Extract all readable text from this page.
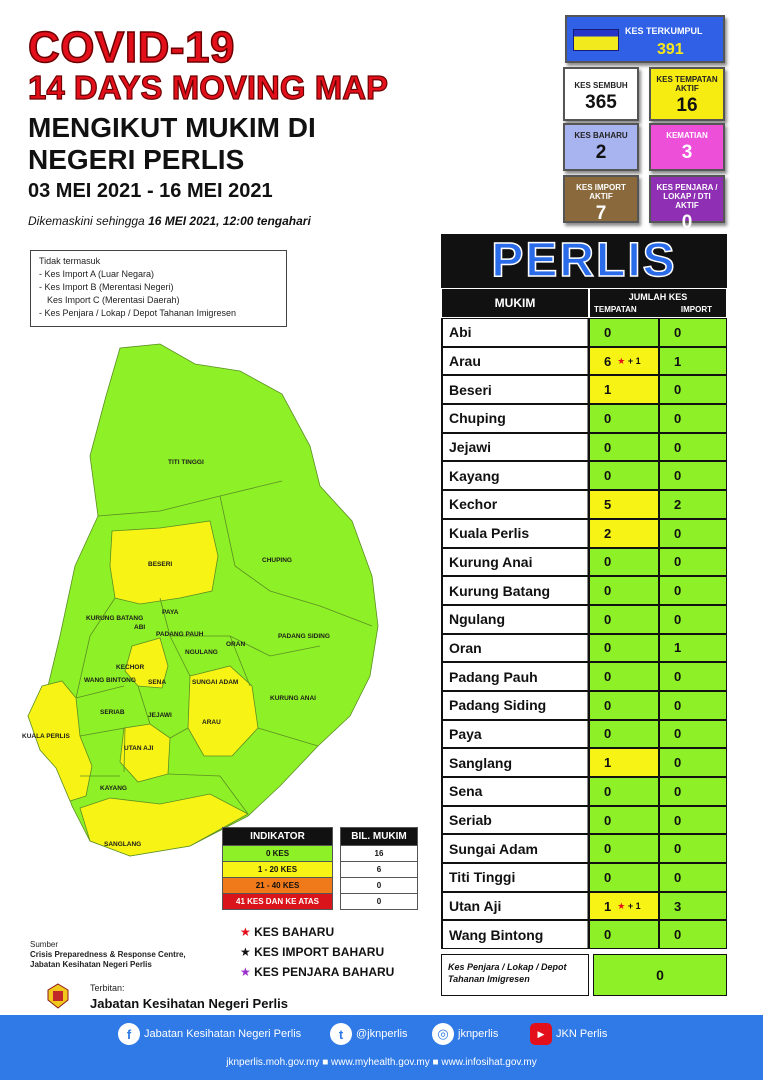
COVID-19
14 DAYS MOVING MAP
MENGIKUT MUKIM DI NEGERI PERLIS
03 MEI 2021 - 16 MEI 2021
Dikemaskini sehingga 16 MEI 2021, 12:00 tengahari
Tidak termasuk
- Kes Import A (Luar Negara)
- Kes Import B (Merentasi Negeri)
Kes Import C (Merentasi Daerah)
- Kes Penjara / Lokap / Depot Tahanan Imigresen
KES TERKUMPUL
391
KES SEMBUH
365
KES TEMPATAN AKTIF
16
KES BAHARU
2
KEMATIAN
3
KES IMPORT AKTIF
7
KES PENJARA / LOKAP / DTI AKTIF
0
TITI TINGGI
BESERI
CHUPING
KURUNG BATANG
PAYA
ABI
PADANG PAUH
NGULANG
ORAN
PADANG SIDING
KECHOR
SENA
WANG BINTONG	SUNGAI ADAM
KURUNG ANAI
SERIAB	JEJAWI
ARAU
KUALA PERLIS
UTAN AJI
KAYANG
SANGLANG
INDIKATOR		BIL. MUKIM
0 KES		16
1 - 20 KES		6
21 - 40 KES		0
41 KES DAN KE ATAS		0
★ KES BAHARU
★ KES IMPORT BAHARU
★ KES PENJARA BAHARU
Sumber
Crisis Preparedness & Response Centre,
Jabatan Kesihatan Negeri Perlis
Terbitan:
Jabatan Kesihatan Negeri Perlis
PERLIS
MUKIM	JUMLAH KES
TEMPATAN	IMPORT
Abi	0	0
Arau	6 ★ + 1	1
Beseri	1	0
Chuping	0	0
Jejawi	0	0
Kayang	0	0
Kechor	5	2
Kuala Perlis	2	0
Kurung Anai	0	0
Kurung Batang	0	0
Ngulang	0	0
Oran	0	1
Padang Pauh	0	0
Padang Siding	0	0
Paya	0	0
Sanglang	1	0
Sena	0	0
Seriab	0	0
Sungai Adam	0	0
Titi Tinggi	0	0
Utan Aji	1 ★ + 1	3
Wang Bintong	0	0
Kes Penjara / Lokap / Depot Tahanan Imigresen	0
f	Jabatan Kesihatan Negeri Perlis	t	@jknperlis	◎ jknperlis	▶	JKN Perlis
jknperlis.moh.gov.my ■ www.myhealth.gov.my ■ www.infosihat.gov.my
